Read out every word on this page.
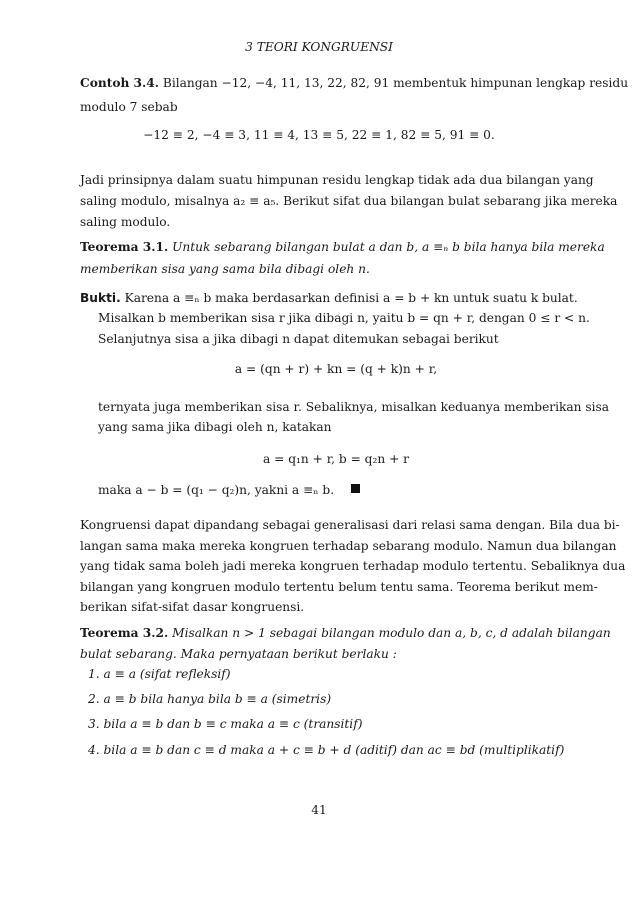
3 TEORI KONGRUENSI
Contoh 3.4. Bilangan −12, −4, 11, 13, 22, 82, 91 membentuk himpunan lengkap residu
modulo 7 sebab
−12 ≡ 2, −4 ≡ 3, 11 ≡ 4, 13 ≡ 5, 22 ≡ 1, 82 ≡ 5, 91 ≡ 0.
Jadi prinsipnya dalam suatu himpunan residu lengkap tidak ada dua bilangan yang
saling modulo, misalnya a₂ ≡ a₅. Berikut sifat dua bilangan bulat sebarang jika mereka
saling modulo.
Teorema 3.1. Untuk sebarang bilangan bulat a dan b, a ≡ₙ b bila hanya bila mereka
memberikan sisa yang sama bila dibagi oleh n.
Bukti. Karena a ≡ₙ b maka berdasarkan definisi a = b + kn untuk suatu k bulat.
Misalkan b memberikan sisa r jika dibagi n, yaitu b = qn + r, dengan 0 ≤ r < n.
Selanjutnya sisa a jika dibagi n dapat ditemukan sebagai berikut
a = (qn + r) + kn = (q + k)n + r,
ternyata juga memberikan sisa r. Sebaliknya, misalkan keduanya memberikan sisa
yang sama jika dibagi oleh n, katakan
a = q₁n + r, b = q₂n + r
maka a − b = (q₁ − q₂)n, yakni a ≡ₙ b.
Kongruensi dapat dipandang sebagai generalisasi dari relasi sama dengan. Bila dua bi-
langan sama maka mereka kongruen terhadap sebarang modulo. Namun dua bilangan
yang tidak sama boleh jadi mereka kongruen terhadap modulo tertentu. Sebaliknya dua
bilangan yang kongruen modulo tertentu belum tentu sama. Teorema berikut mem-
berikan sifat-sifat dasar kongruensi.
Teorema 3.2. Misalkan n > 1 sebagai bilangan modulo dan a, b, c, d adalah bilangan
bulat sebarang. Maka pernyataan berikut berlaku :
1. a ≡ a (sifat refleksif)
2. a ≡ b bila hanya bila b ≡ a (simetris)
3. bila a ≡ b dan b ≡ c maka a ≡ c (transitif)
4. bila a ≡ b dan c ≡ d maka a + c ≡ b + d (aditif) dan ac ≡ bd (multiplikatif)
41
